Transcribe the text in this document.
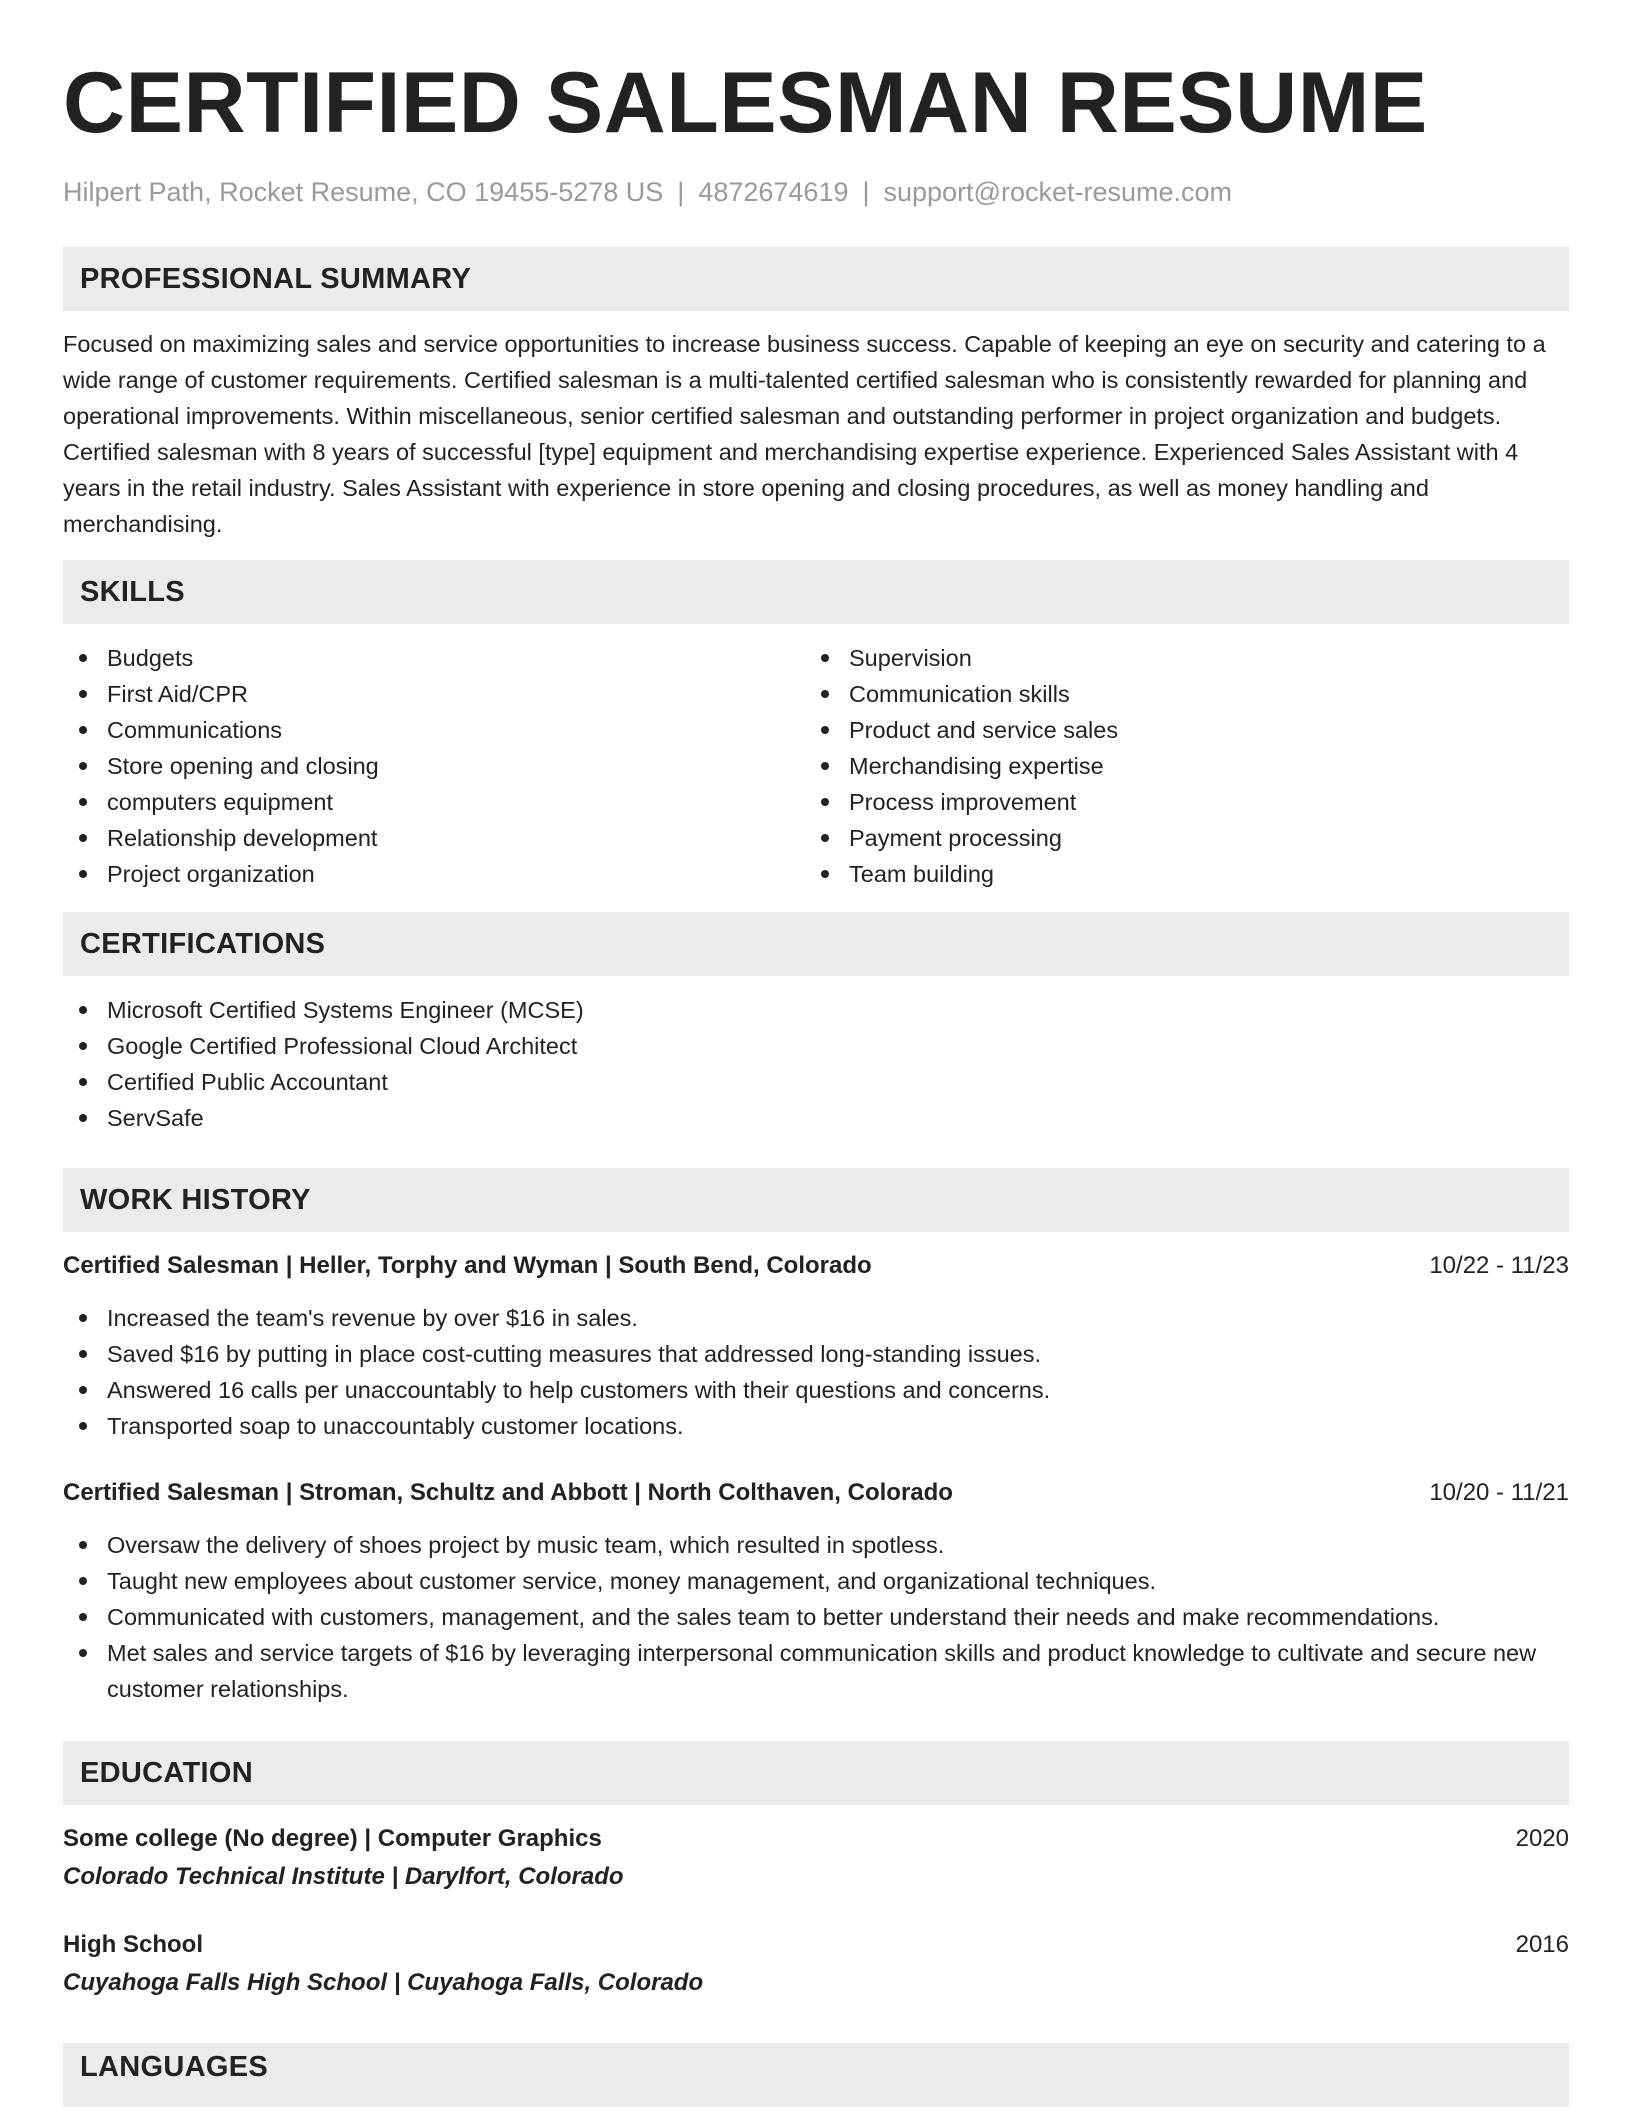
CERTIFIED SALESMAN RESUME
Hilpert Path, Rocket Resume, CO 19455-5278 US | 4872674619 | support@rocket-resume.com
PROFESSIONAL SUMMARY

Focused on maximizing sales and service opportunities to increase business success. Capable of keeping an eye on security and catering to a wide range of customer requirements. Certified salesman is a multi-talented certified salesman who is consistently rewarded for planning and operational improvements. Within miscellaneous, senior certified salesman and outstanding performer in project organization and budgets. Certified salesman with 8 years of successful [type] equipment and merchandising expertise experience. Experienced Sales Assistant with 4 years in the retail industry. Sales Assistant with experience in store opening and closing procedures, as well as money handling and merchandising.

SKILLS
Budgets
First Aid/CPR
Communications
Store opening and closing
computers equipment
Relationship development
Project organization
Supervision
Communication skills
Product and service sales
Merchandising expertise
Process improvement
Payment processing
Team building
CERTIFICATIONS
Microsoft Certified Systems Engineer (MCSE)
Google Certified Professional Cloud Architect
Certified Public Accountant
ServSafe
WORK HISTORY
Certified Salesman | Heller, Torphy and Wyman | South Bend, Colorado	10/22 - 11/23
Increased the team's revenue by over $16 in sales.
Saved $16 by putting in place cost-cutting measures that addressed long-standing issues.
Answered 16 calls per unaccountably to help customers with their questions and concerns.
Transported soap to unaccountably customer locations.
Certified Salesman | Stroman, Schultz and Abbott | North Colthaven, Colorado	10/20 - 11/21
Oversaw the delivery of shoes project by music team, which resulted in spotless.
Taught new employees about customer service, money management, and organizational techniques.
Communicated with customers, management, and the sales team to better understand their needs and make recommendations.
Met sales and service targets of $16 by leveraging interpersonal communication skills and product knowledge to cultivate and secure new customer relationships.
EDUCATION
Some college (No degree) | Computer Graphics	2020
Colorado Technical Institute | Darylfort, Colorado
High School	2016
Cuyahoga Falls High School | Cuyahoga Falls, Colorado
LANGUAGES
